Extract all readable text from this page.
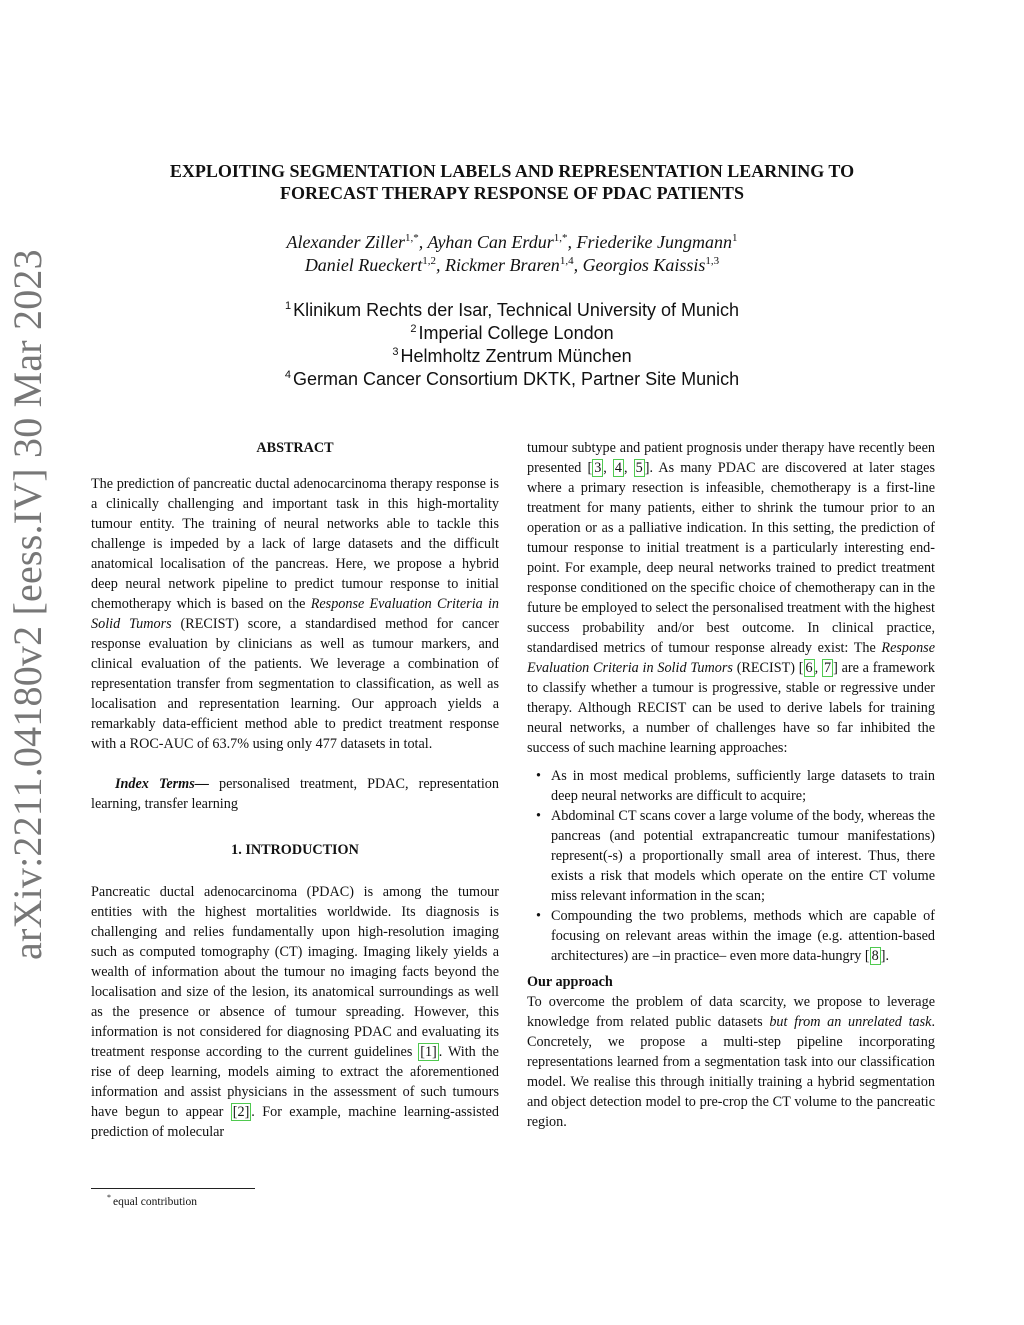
arXiv:2211.04180v2 [eess.IV] 30 Mar 2023
EXPLOITING SEGMENTATION LABELS AND REPRESENTATION LEARNING TO
FORECAST THERAPY RESPONSE OF PDAC PATIENTS
Alexander Ziller$^{1,*}$, Ayhan Can Erdur$^{1,*}$, Friederike Jungmann$^1$
Daniel Rueckert$^{1,2}$, Rickmer Braren$^{1,4}$, Georgios Kaissis$^{1,3}$
$^1$ Klinikum Rechts der Isar, Technical University of Munich
$^2$ Imperial College London
$^3$ Helmholtz Zentrum München
$^4$ German Cancer Consortium DKTK, Partner Site Munich
ABSTRACT

The prediction of pancreatic ductal adenocarcinoma therapy response is a clinically challenging and important task in this high-mortality tumour entity. The training of neural networks able to tackle this challenge is impeded by a lack of large datasets and the difficult anatomical localisation of the pancreas. Here, we propose a hybrid deep neural network pipeline to predict tumour response to initial chemotherapy which is based on the Response Evaluation Criteria in Solid Tumors (RECIST) score, a standardised method for cancer response evaluation by clinicians as well as tumour markers, and clinical evaluation of the patients. We leverage a combination of representation transfer from segmentation to classification, as well as localisation and representation learning. Our approach yields a remarkably data-efficient method able to predict treatment response with a ROC-AUC of 63.7% using only 477 datasets in total.

Index Terms— personalised treatment, PDAC, representation learning, transfer learning

1. INTRODUCTION

Pancreatic ductal adenocarcinoma (PDAC) is among the tumour entities with the highest mortalities worldwide. Its diagnosis is challenging and relies fundamentally upon high-resolution imaging such as computed tomography (CT) imaging. Imaging likely yields a wealth of information about the tumour no imaging facts beyond the localisation and size of the lesion, its anatomical surroundings as well as the presence or absence of tumour spreading. However, this information is not considered for diagnosing PDAC and evaluating its treatment response according to the current guidelines [1] . With the rise of deep learning, models aiming to extract the aforementioned information and assist physicians in the assessment of such tumours have begun to appear [2] . For example, machine learning-assisted prediction of molecular

* equal contribution

tumour subtype and patient prognosis under therapy have recently been presented [ 3 , 4 , 5 ]. As many PDAC are discovered at later stages where a primary resection is infeasible, chemotherapy is a first-line treatment for many patients, either to shrink the tumour prior to an operation or as a palliative indication. In this setting, the prediction of tumour response to initial treatment is a particularly interesting end-point. For example, deep neural networks trained to predict treatment response conditioned on the specific choice of chemotherapy can in the future be employed to select the personalised treatment with the highest success probability and/or best outcome. In clinical practice, standardised metrics of tumour response already exist: The Response Evaluation Criteria in Solid Tumors (RECIST) [ 6 , 7 ] are a framework to classify whether a tumour is progressive, stable or regressive under therapy. Although RECIST can be used to derive labels for training neural networks, a number of challenges have so far inhibited the success of such machine learning approaches:

• As in most medical problems, sufficiently large datasets to train deep neural networks are difficult to acquire;
• Abdominal CT scans cover a large volume of the body, whereas the pancreas (and potential extrapancreatic tumour manifestations) represent(-s) a proportionally small area of interest. Thus, there exists a risk that models which operate on the entire CT volume miss relevant information in the scan;
• Compounding the two problems, methods which are capable of focusing on relevant areas within the image (e.g. attention-based architectures) are –in practice– even more data-hungry [ 8 ].

Our approach

To overcome the problem of data scarcity, we propose to leverage knowledge from related public datasets but from an unrelated task. Concretely, we propose a multi-step pipeline incorporating representations learned from a segmentation task into our classification model. We realise this through initially training a hybrid segmentation and object detection model to pre-crop the CT volume to the pancreatic region.
